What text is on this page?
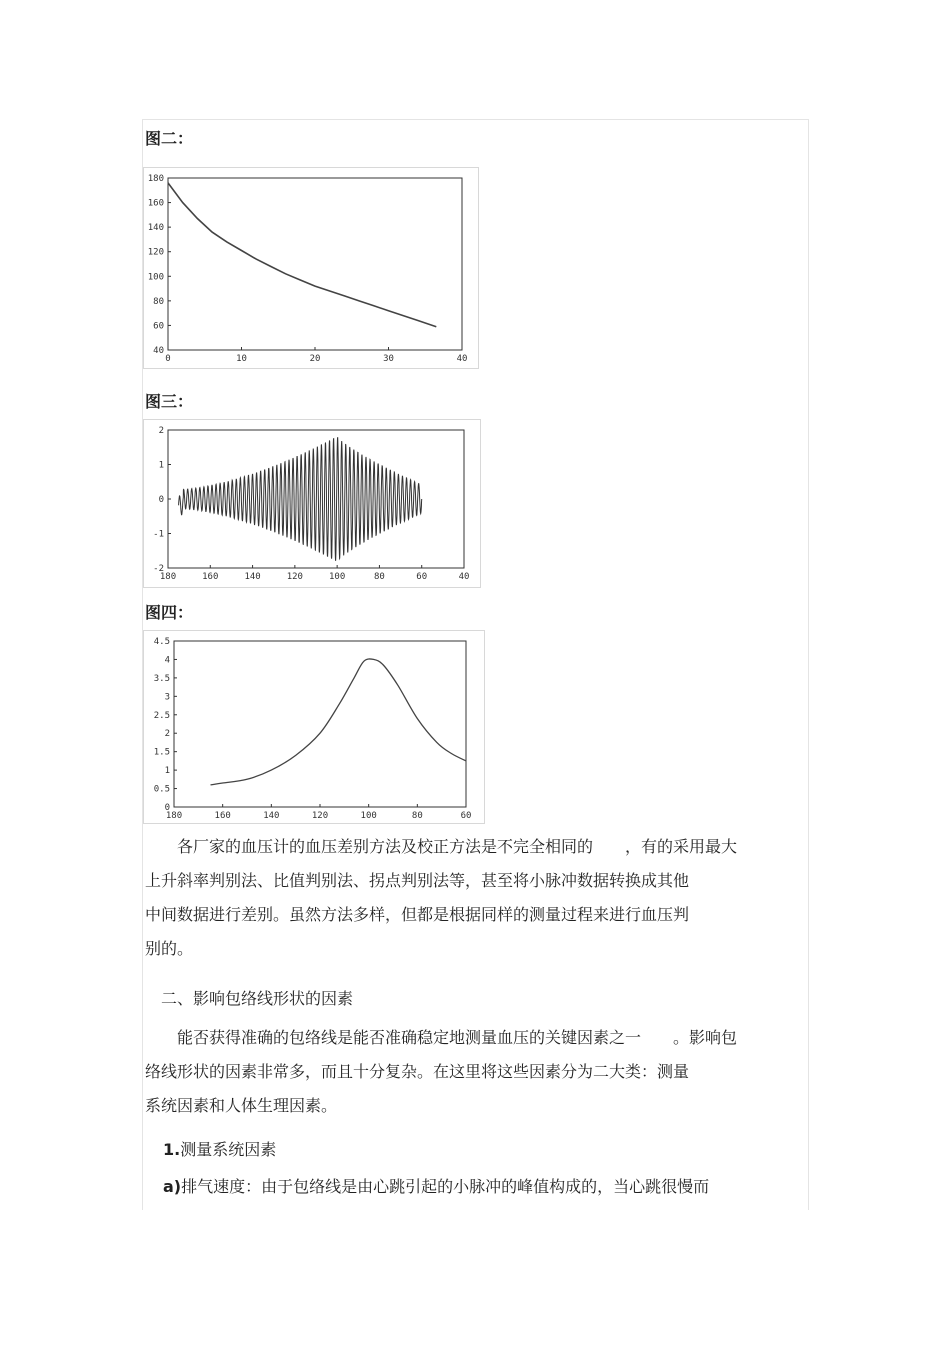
图二：
0	10	20	30	40
180
160
140
120
100
80
60
40
图三：
180	160	140	120	100	80	60	40
2
1
0
-1
-2
图四：
180	160	140	120	100	80	60
4.5
4
3.5
3
2.5
2
1.5
1
0.5
0
　　各厂家的血压计的血压差别方法及校正方法是不完全相同的　　，有的采用最大
上升斜率判别法、比值判别法、拐点判别法等，甚至将小脉冲数据转换成其他
中间数据进行差别。虽然方法多样，但都是根据同样的测量过程来进行血压判
别的。
　二、影响包络线形状的因素
　　能否获得准确的包络线是能否准确稳定地测量血压的关键因素之一　　。影响包
络线形状的因素非常多，而且十分复杂。在这里将这些因素分为二大类：测量
系统因素和人体生理因素。
1.测量系统因素
a)排气速度：由于包络线是由心跳引起的小脉冲的峰值构成的，当心跳很慢而
